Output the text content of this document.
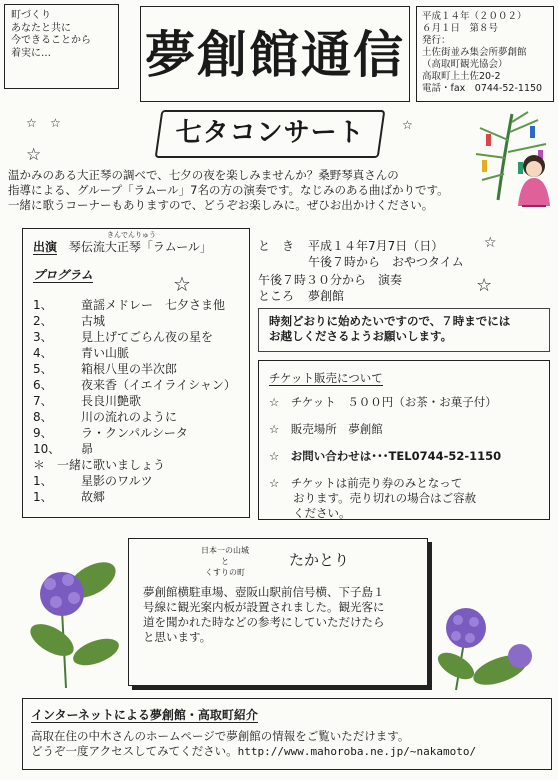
町づくり
あなたと共に
今できることから
着実に…	夢創館通信
平成１４年（２００２）
６月１日　第８号
発行：
土佐街並み集会所夢創館
（高取町観光協会）
高取町上土佐20-2
電話・fax　0744-52-1150
☆ ☆
☆
☆
七タコンサート
温かみのある大正琴の調べで、七夕の夜を楽しみませんか？桑野琴真さんの
指導による、グループ「ラムール」7名の方の演奏です。なじみのある曲ばかりです。
一緒に歌うコーナーもありますので、どうぞお楽しみに。ぜひお出かけください。
きんでんりゅう
出演 琴伝流大正琴「ラムール」
プログラム	☆
1、	童謡メドレー　七夕さま他
2、	古城
3、	見上げてごらん夜の星を
4、	青い山脈
5、	箱根八里の半次郎
6、	夜来香（イエイライシャン）
7、	長良川艶歌
8、	川の流れのように
9、	ラ・クンパルシータ
10、	昴
＊　一緒に歌いましょう
1、	星影のワルツ
1、	故郷
と　き	平成１４年7月7日（日）
午後７時から　おやつタイム
午後７時３０分から　演奏
ところ	夢創館
☆
☆
時刻どおりに始めたいですので、７時までには
お越しくださるようお願いします。
チケット販売について
☆　チケット　５００円（お茶・お菓子付）
☆　販売場所　夢創館
☆　お問い合わせは･･･TEL0744-52-1150
☆　チケットは前売り券のみとなって
おります。売り切れの場合はご容赦
ください。
日本一の山城
と
くすりの町
たかとり
夢創館横駐車場、壺阪山駅前信号横、下子島１
号線に観光案内板が設置されました。観光客に
道を聞かれた時などの参考にしていただけたら
と思います。
インターネットによる夢創館・高取町紹介
高取在住の中木さんのホームページで夢創館の情報をご覧いただけます。
どうぞ一度アクセスしてみてください。http://www.mahoroba.ne.jp/~nakamoto/
